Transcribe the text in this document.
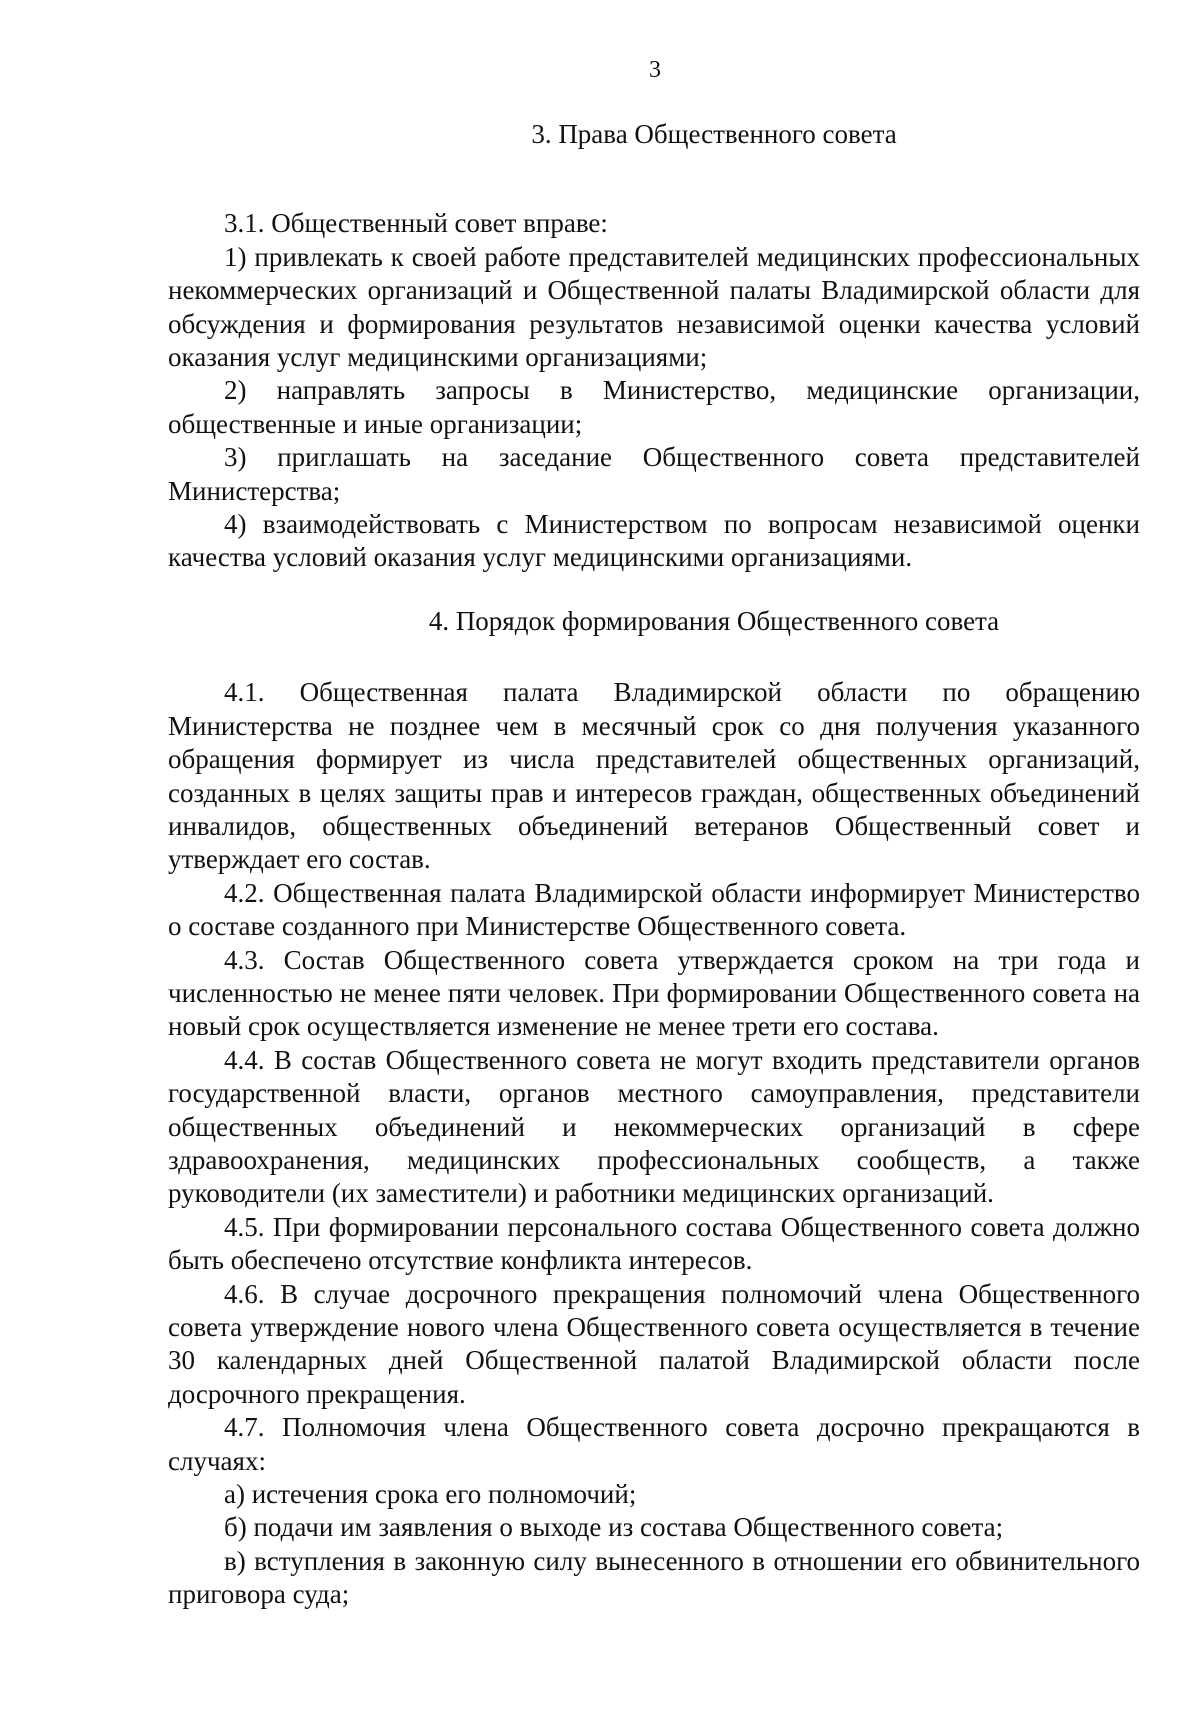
3
3. Права Общественного совета

3.1. Общественный совет вправе:

1) привлекать к своей работе представителей медицинских профессиональных некоммерческих организаций и Общественной палаты Владимирской области для обсуждения и формирования результатов независимой оценки качества условий оказания услуг медицинскими организациями;

2) направлять запросы в Министерство, медицинские организации, общественные и иные организации;

3) приглашать на заседание Общественного совета представителей Министерства;

4) взаимодействовать с Министерством по вопросам независимой оценки качества условий оказания услуг медицинскими организациями.

4. Порядок формирования Общественного совета

4.1. Общественная палата Владимирской области по обращению Министерства не позднее чем в месячный срок со дня получения указанного обращения формирует из числа представителей общественных организаций, созданных в целях защиты прав и интересов граждан, общественных объединений инвалидов, общественных объединений ветеранов Общественный совет и утверждает его состав.

4.2. Общественная палата Владимирской области информирует Министерство о составе созданного при Министерстве Общественного совета.

4.3. Состав Общественного совета утверждается сроком на три года и численностью не менее пяти человек. При формировании Общественного совета на новый срок осуществляется изменение не менее трети его состава.

4.4. В состав Общественного совета не могут входить представители органов государственной власти, органов местного самоуправления, представители общественных объединений и некоммерческих организаций в сфере здравоохранения, медицинских профессиональных сообществ, а также руководители (их заместители) и работники медицинских организаций.

4.5. При формировании персонального состава Общественного совета должно быть обеспечено отсутствие конфликта интересов.

4.6. В случае досрочного прекращения полномочий члена Общественного совета утверждение нового члена Общественного совета осуществляется в течение 30 календарных дней Общественной палатой Владимирской области после досрочного прекращения.

4.7. Полномочия члена Общественного совета досрочно прекращаются в случаях:

а) истечения срока его полномочий;

б) подачи им заявления о выходе из состава Общественного совета;

в) вступления в законную силу вынесенного в отношении его обвинительного приговора суда;
